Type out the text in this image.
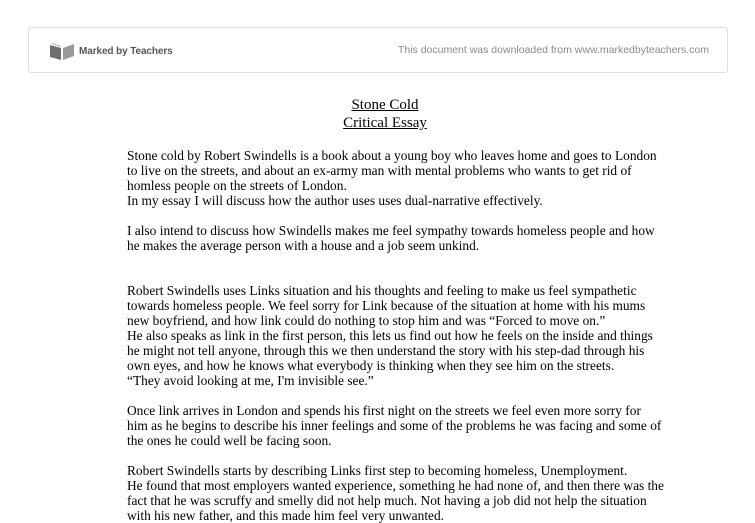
Marked by Teachers	This document was downloaded from www.markedbyteachers.com
Stone Cold
Critical Essay

Stone cold by Robert Swindells is a book about a young boy who leaves home and goes to London

to live on the streets, and about an ex-army man with mental problems who wants to get rid of

homless people on the streets of London.

In my essay I will discuss how the author uses uses dual-narrative effectively.

I also intend to discuss how Swindells makes me feel sympathy towards homeless people and how

he makes the average person with a house and a job seem unkind.

Robert Swindells uses Links situation and his thoughts and feeling to make us feel sympathetic

towards homeless people. We feel sorry for Link because of the situation at home with his mums

new boyfriend, and how link could do nothing to stop him and was “Forced to move on.”

He also speaks as link in the first person, this lets us find out how he feels on the inside and things

he might not tell anyone, through this we then understand the story with his step-dad through his

own eyes, and how he knows what everybody is thinking when they see him on the streets.

“They avoid looking at me, I'm invisible see.”

Once link arrives in London and spends his first night on the streets we feel even more sorry for

him as he begins to describe his inner feelings and some of the problems he was facing and some of

the ones he could well be facing soon.

Robert Swindells starts by describing Links first step to becoming homeless, Unemployment.

He found that most employers wanted experience, something he had none of, and then there was the

fact that he was scruffy and smelly did not help much. Not having a job did not help the situation

with his new father, and this made him feel very unwanted.
